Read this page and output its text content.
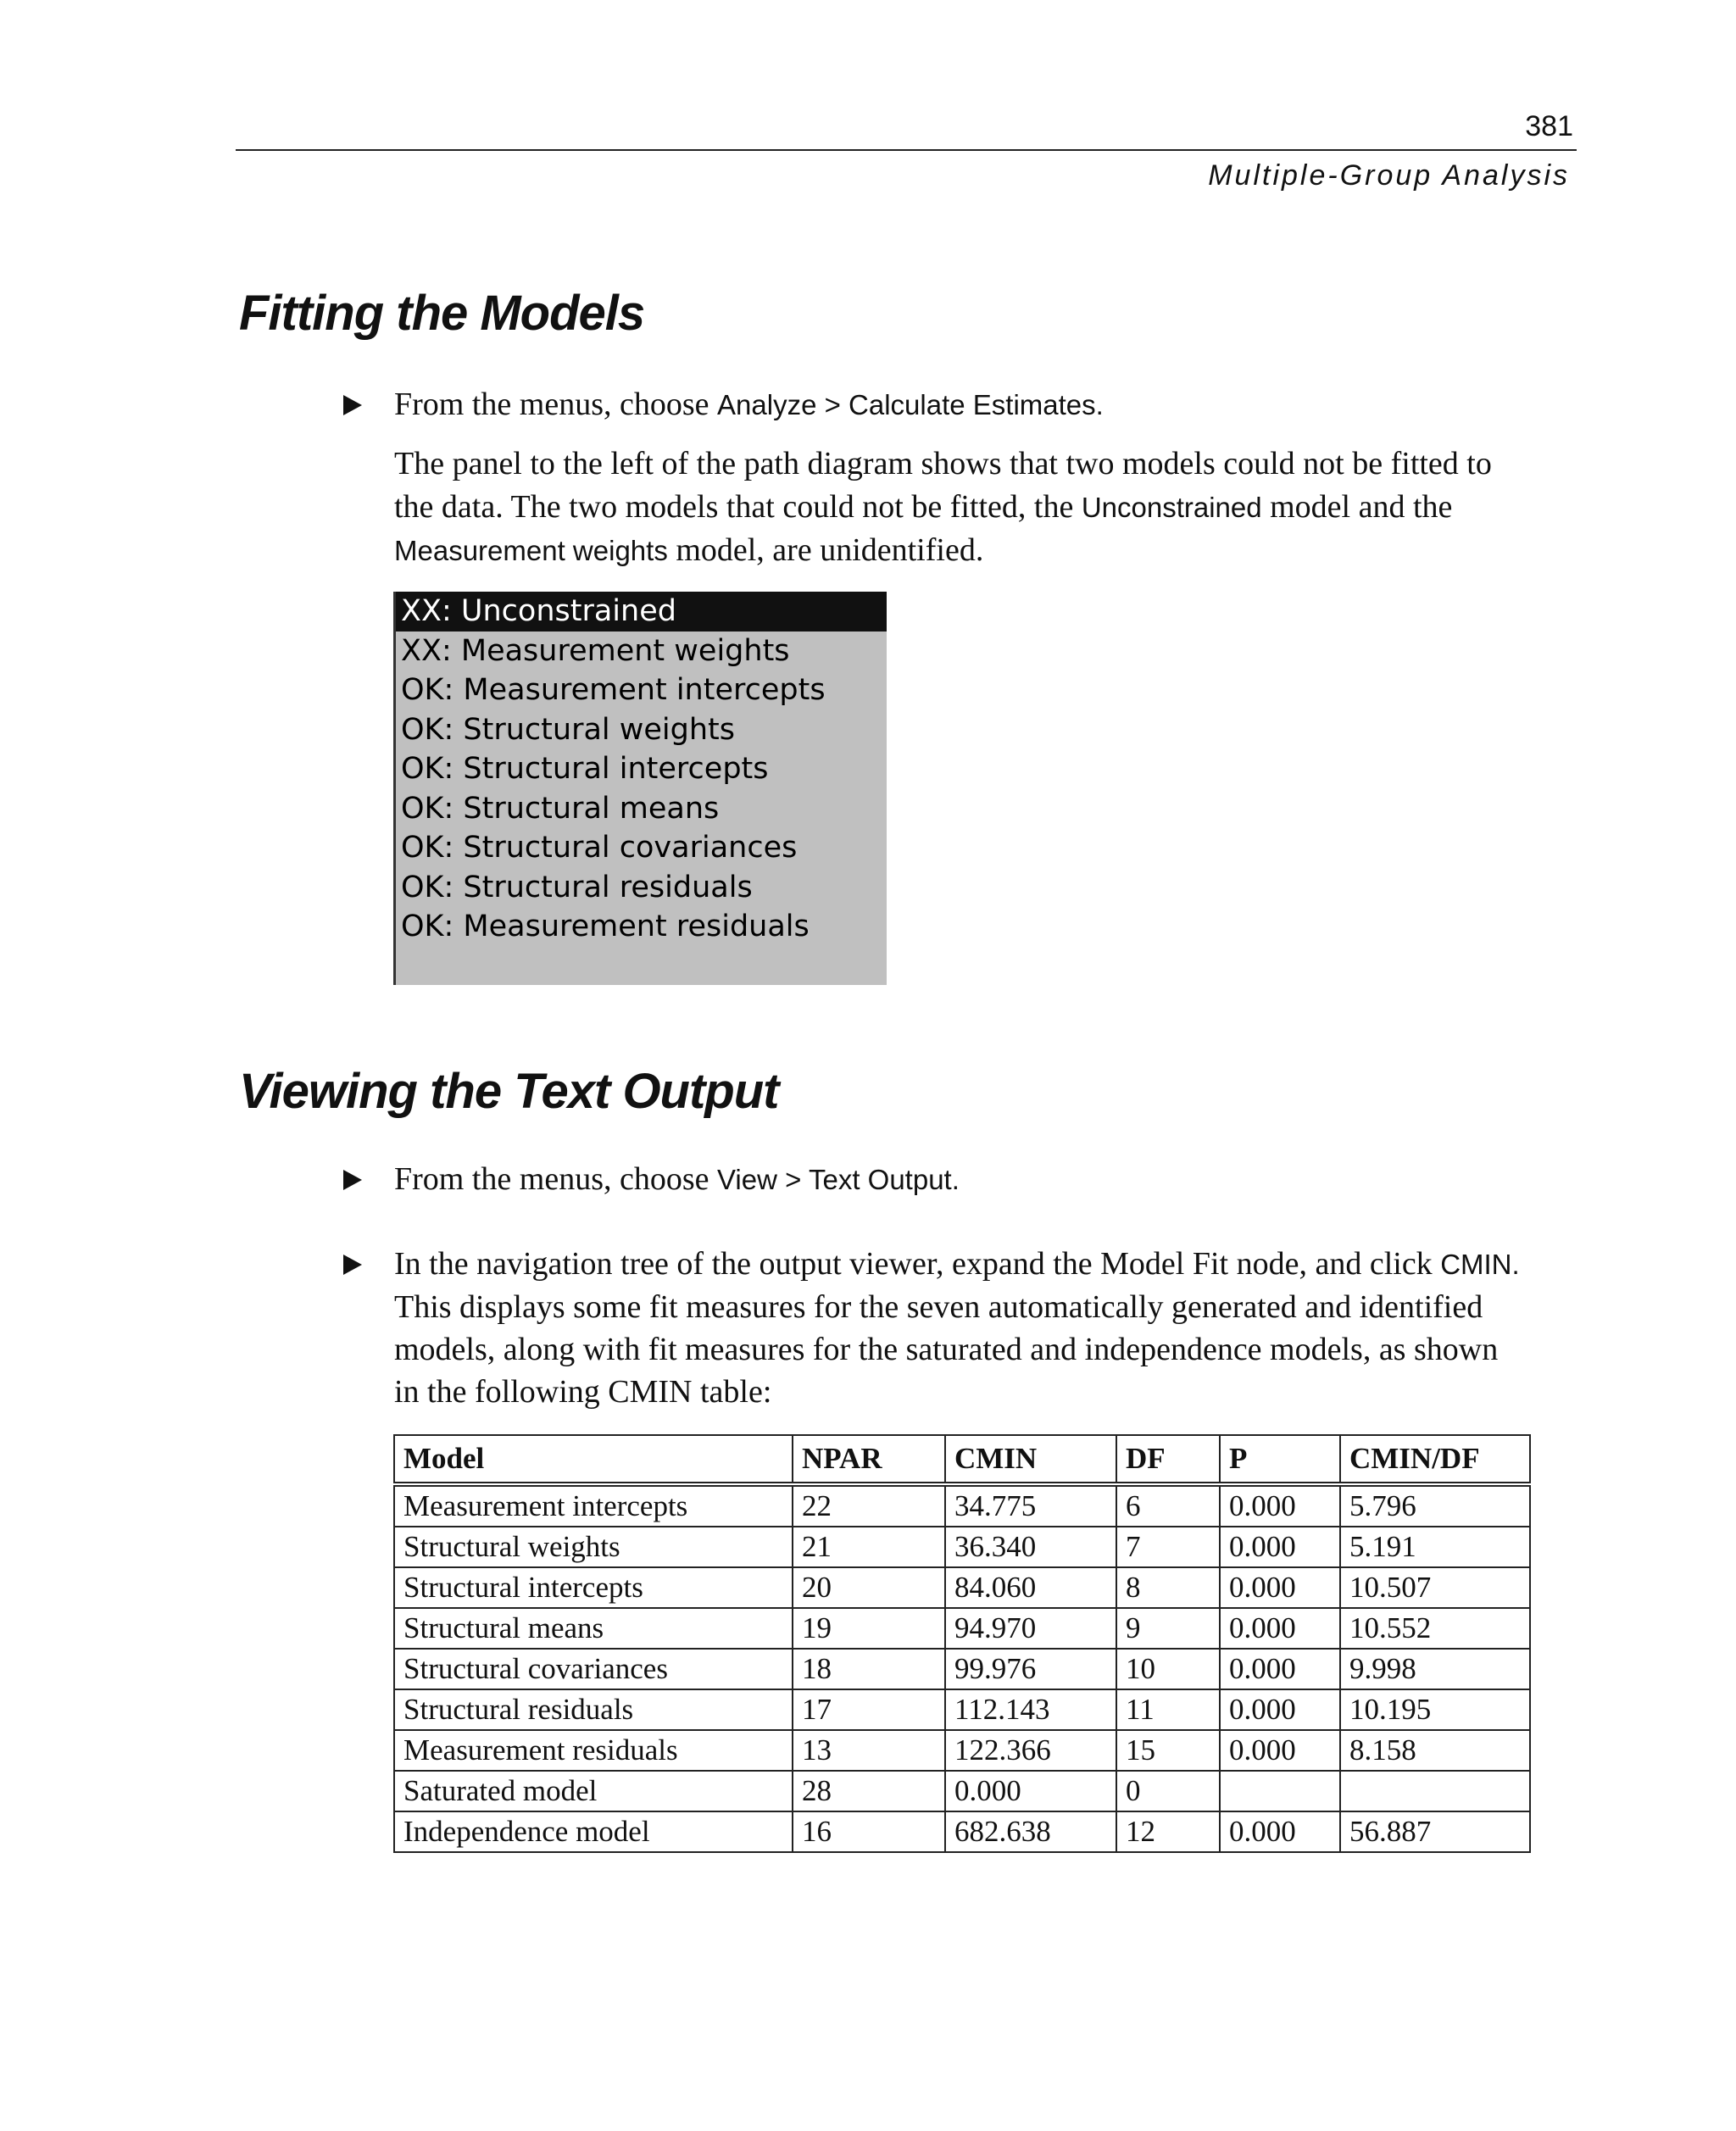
381
Multiple-Group Analysis
Fitting the Models
From the menus, choose Analyze > Calculate Estimates.
The panel to the left of the path diagram shows that two models could not be fitted to
the data. The two models that could not be fitted, the Unconstrained model and the
Measurement weights model, are unidentified.
XX: Unconstrained
XX: Measurement weights
OK: Measurement intercepts
OK: Structural weights
OK: Structural intercepts
OK: Structural means
OK: Structural covariances
OK: Structural residuals
OK: Measurement residuals
Viewing the Text Output
From the menus, choose View > Text Output.
In the navigation tree of the output viewer, expand the Model Fit node, and click CMIN.
This displays some fit measures for the seven automatically generated and identified
models, along with fit measures for the saturated and independence models, as shown
in the following CMIN table:
Model	NPAR	CMIN	DF	P	CMIN/DF
Measurement intercepts	22	34.775	6	0.000	5.796
Structural weights	21	36.340	7	0.000	5.191
Structural intercepts	20	84.060	8	0.000	10.507
Structural means	19	94.970	9	0.000	10.552
Structural covariances	18	99.976	10	0.000	9.998
Structural residuals	17	112.143	11	0.000	10.195
Measurement residuals	13	122.366	15	0.000	8.158
Saturated model	28	0.000	0		
Independence model	16	682.638	12	0.000	56.887
